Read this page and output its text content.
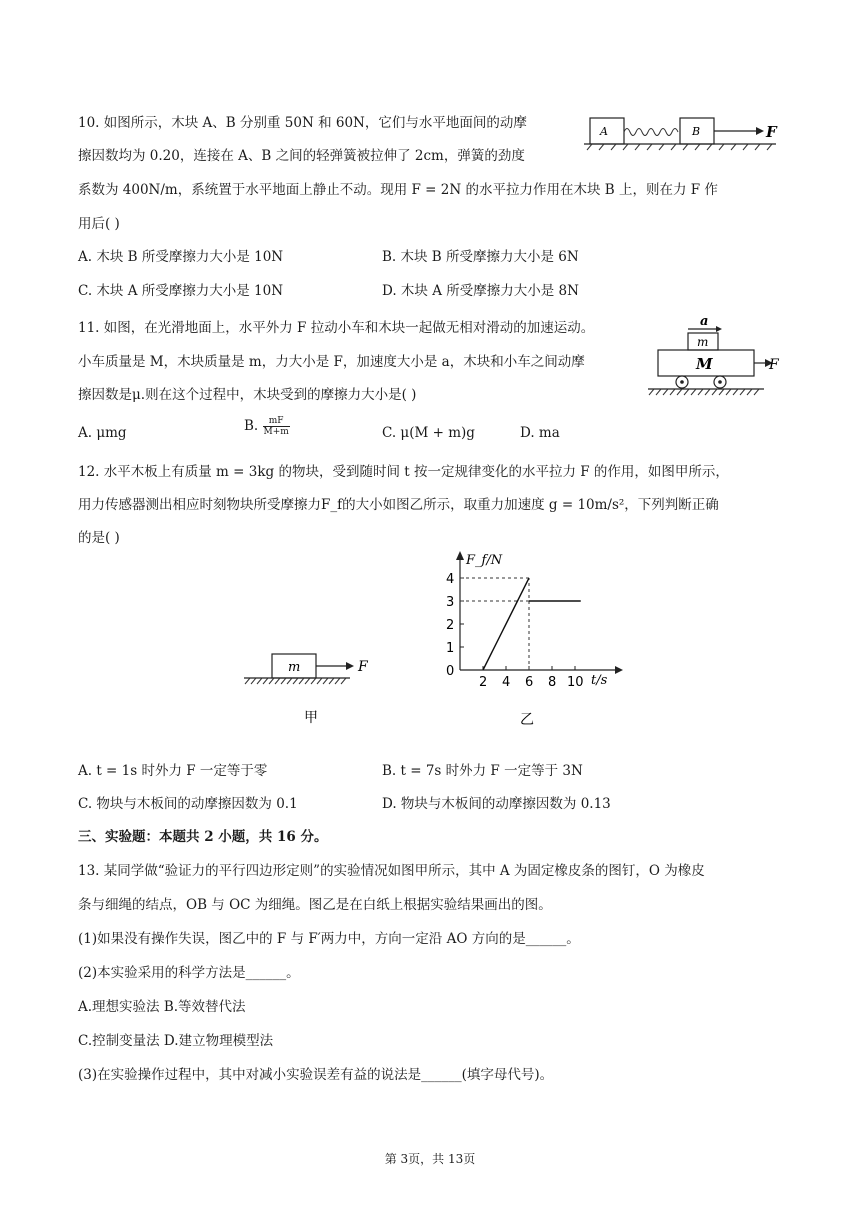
10. 如图所示，木块 A、B 分别重 50N 和 60N，它们与水平地面间的动摩
擦因数均为 0.20，连接在 A、B 之间的轻弹簧被拉伸了 2cm，弹簧的劲度
系数为 400N/m，系统置于水平地面上静止不动。现用 F = 2N 的水平拉力作用在木块 B 上，则在力 F 作
用后( )
A. 木块 B 所受摩擦力大小是 10N	B. 木块 B 所受摩擦力大小是 6N
C. 木块 A 所受摩擦力大小是 10N	D. 木块 A 所受摩擦力大小是 8N
A	B	F
11. 如图，在光滑地面上，水平外力 F 拉动小车和木块一起做无相对滑动的加速运动。
小车质量是 M，木块质量是 m，力大小是 F，加速度大小是 a，木块和小车之间动摩
擦因数是μ.则在这个过程中，木块受到的摩擦力大小是( )
A. μmg	B. $\frac{mF}{M+m}$	C. μ(M + m)g	D. ma
a
m
M	F
12. 水平木板上有质量 m = 3kg 的物块，受到随时间 t 按一定规律变化的水平拉力 F 的作用，如图甲所示，
用力传感器测出相应时刻物块所受摩擦力F_f的大小如图乙所示，取重力加速度 g = 10m/s²，下列判断正确
的是( )
m	F
甲
F_f/N
t/s
0
1
2
3
4
2 4 6 8 10
乙
A. t = 1s 时外力 F 一定等于零	B. t = 7s 时外力 F 一定等于 3N
C. 物块与木板间的动摩擦因数为 0.1	D. 物块与木板间的动摩擦因数为 0.13
三、实验题：本题共 2 小题，共 16 分。
13. 某同学做“验证力的平行四边形定则”的实验情况如图甲所示，其中 A 为固定橡皮条的图钉，O 为橡皮
条与细绳的结点，OB 与 OC 为细绳。图乙是在白纸上根据实验结果画出的图。
(1)如果没有操作失误，图乙中的 F 与 F′两力中，方向一定沿 AO 方向的是______。
(2)本实验采用的科学方法是______。
A.理想实验法 B.等效替代法
C.控制变量法 D.建立物理模型法
(3)在实验操作过程中，其中对减小实验误差有益的说法是______(填字母代号)。
第 3页，共 13页
